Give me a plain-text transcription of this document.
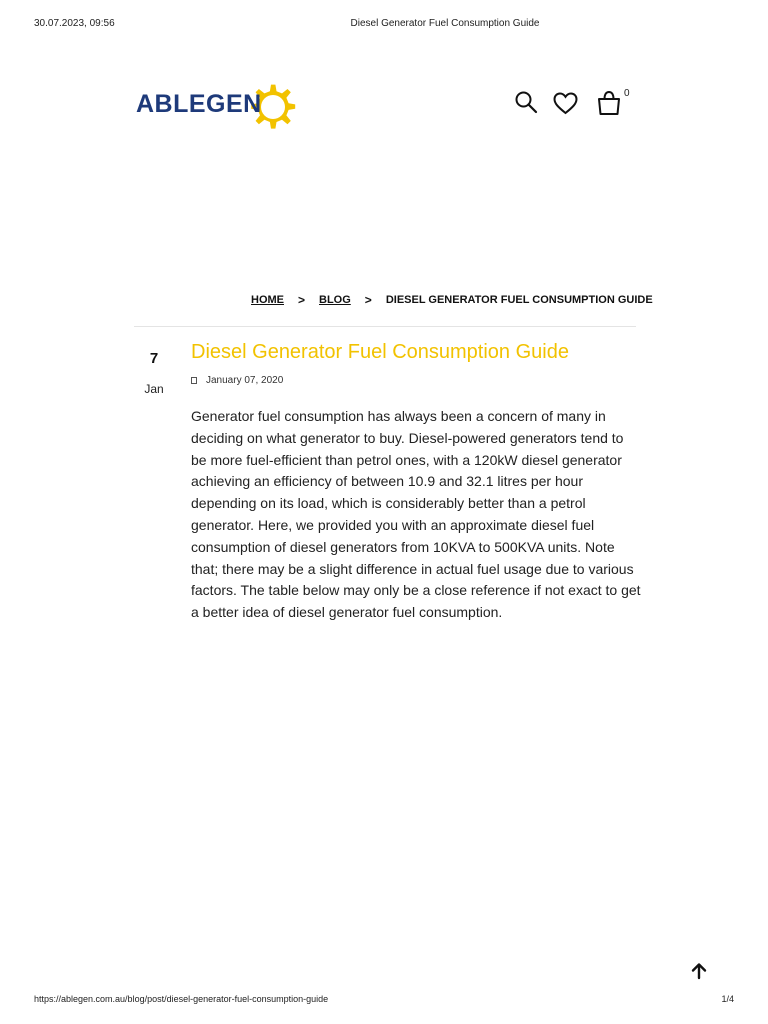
30.07.2023, 09:56	Diesel Generator Fuel Consumption Guide
ABLEGEN	0
HOME > BLOG > DIESEL GENERATOR FUEL CONSUMPTION GUIDE
7
Jan
Diesel Generator Fuel Consumption Guide
January 07, 2020

Generator fuel consumption has always been a concern of many in deciding on what generator to buy. Diesel-powered generators tend to be more fuel-efficient than petrol ones, with a 120kW diesel generator achieving an efficiency of between 10.9 and 32.1 litres per hour depending on its load, which is considerably better than a petrol generator. Here, we provided you with an approximate diesel fuel consumption of diesel generators from 10KVA to 500KVA units. Note that; there may be a slight difference in actual fuel usage due to various factors. The table below may only be a close reference if not exact to get a better idea of diesel generator fuel consumption.

https://ablegen.com.au/blog/post/diesel-generator-fuel-consumption-guide	1/4
